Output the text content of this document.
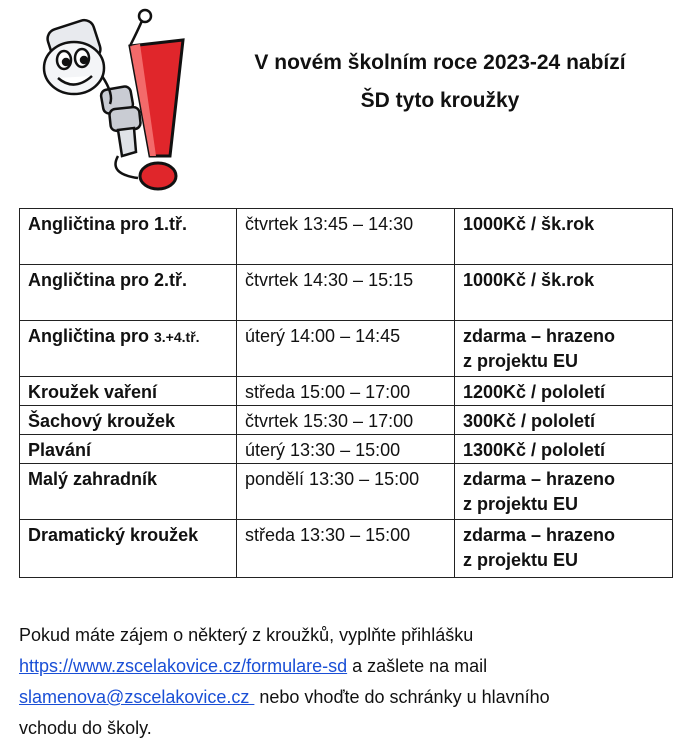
V novém školním roce 2023-24 nabízí
ŠD tyto kroužky
Angličtina pro 1.tř.	čtvrtek 13:45 – 14:30	1000Kč / šk.rok

Angličtina pro 2.tř.	čtvrtek 14:30 – 15:15	1000Kč / šk.rok

Angličtina pro 3.+4.tř.	úterý 14:00 – 14:45	zdarma – hrazeno
z projektu EU

Kroužek vaření	středa 15:00 – 17:00	1200Kč / pololetí

Šachový kroužek	čtvrtek 15:30 – 17:00	300Kč / pololetí

Plavání	úterý 13:30 – 15:00	1300Kč / pololetí

Malý zahradník	pondělí 13:30 – 15:00	zdarma – hrazeno
z projektu EU

Dramatický kroužek	středa 13:30 – 15:00	zdarma – hrazeno
z projektu EU
Pokud máte zájem o některý z kroužků, vyplňte přihlášku
https://www.zscelakovice.cz/formulare-sd a zašlete na mail
slamenova@zscelakovice.cz  nebo vhoďte do schránky u hlavního
vchodu do školy.
